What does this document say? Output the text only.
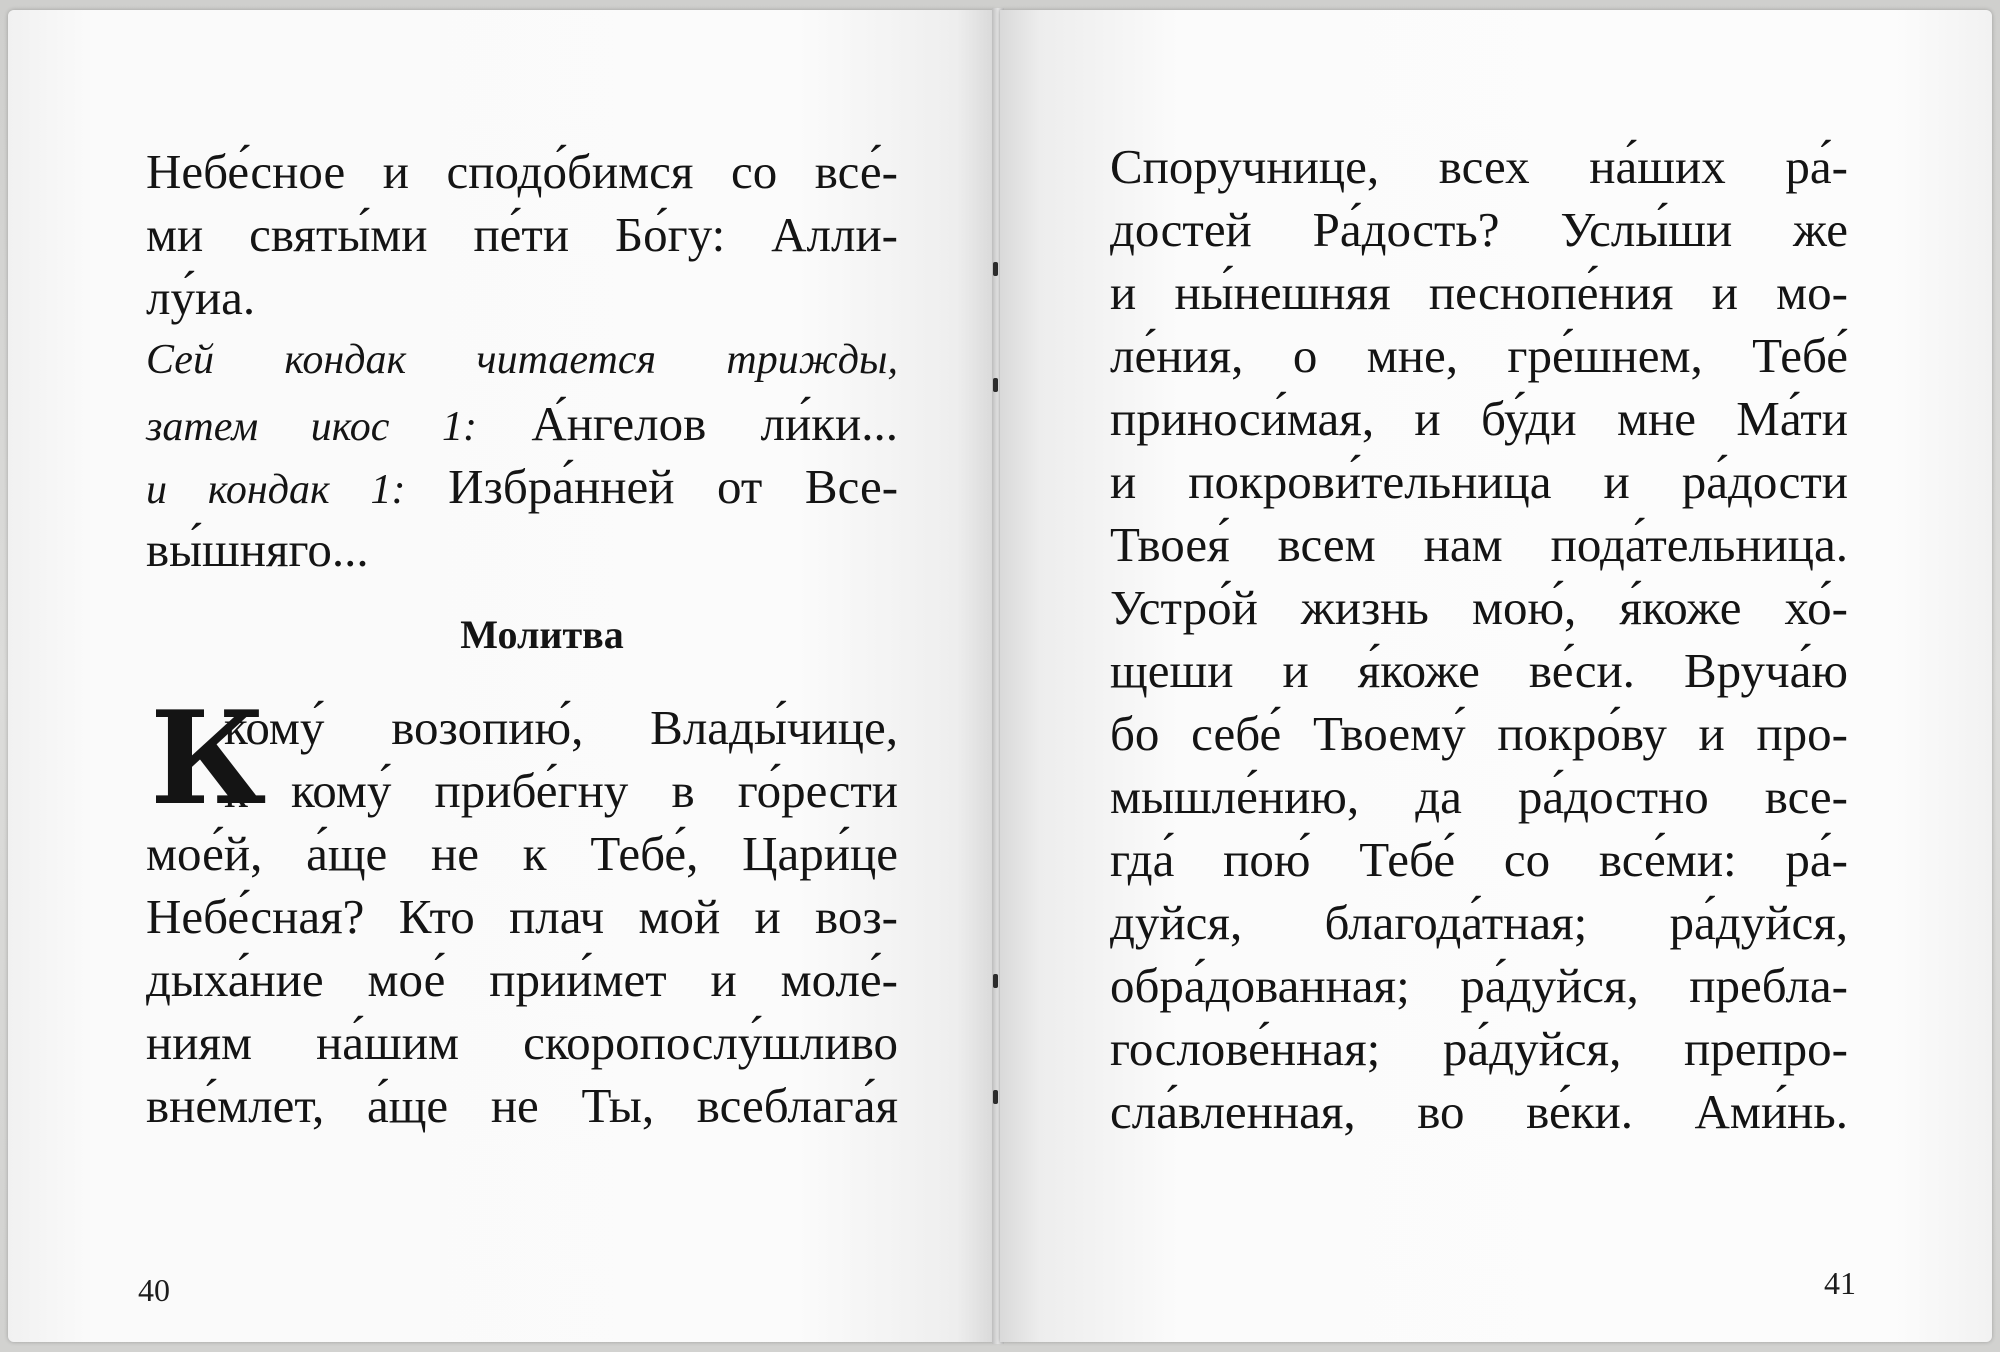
Небе́сное и сподо́бимся со все́-
ми святы́ми пе́ти Бо́гу: Алли-
лу́иа.
Сей кондак читается трижды,
затем икос 1: А́нгелов ли́ки...
и кондак 1: Избра́нней от Все-
вы́шняго...
Молитва
К
кому́ возопию́, Влады́чице,
к кому́ прибе́гну в го́рести
мое́й, а́ще не к Тебе́, Цари́це
Небе́сная? Кто плач мой и воз-
дыха́ние мое́ прии́мет и моле́-
ниям на́шим скоропослу́шливо
вне́млет, а́ще не Ты, всеблага́я
40
Споручнице, всех на́ших ра́-
достей Ра́дость? Услы́ши же
и ны́нешняя песнопе́ния и мо-
ле́ния, о мне, гре́шнем, Тебе́
приноси́мая, и бу́ди мне Ма́ти
и покрови́тельница и ра́дости
Твоея́ всем нам пода́тельница.
Устро́й жизнь мою́, я́коже хо́-
щеши и я́коже ве́си. Вруча́ю
бо себе́ Твоему́ покро́ву и про-
мышле́нию, да ра́достно все-
гда́ пою́ Тебе́ со все́ми: ра́-
дуйся, благода́тная; ра́дуйся,
обра́дованная; ра́дуйся, пребла-
гослове́нная; ра́дуйся, препро-
сла́вленная, во ве́ки. Ами́нь.
41
